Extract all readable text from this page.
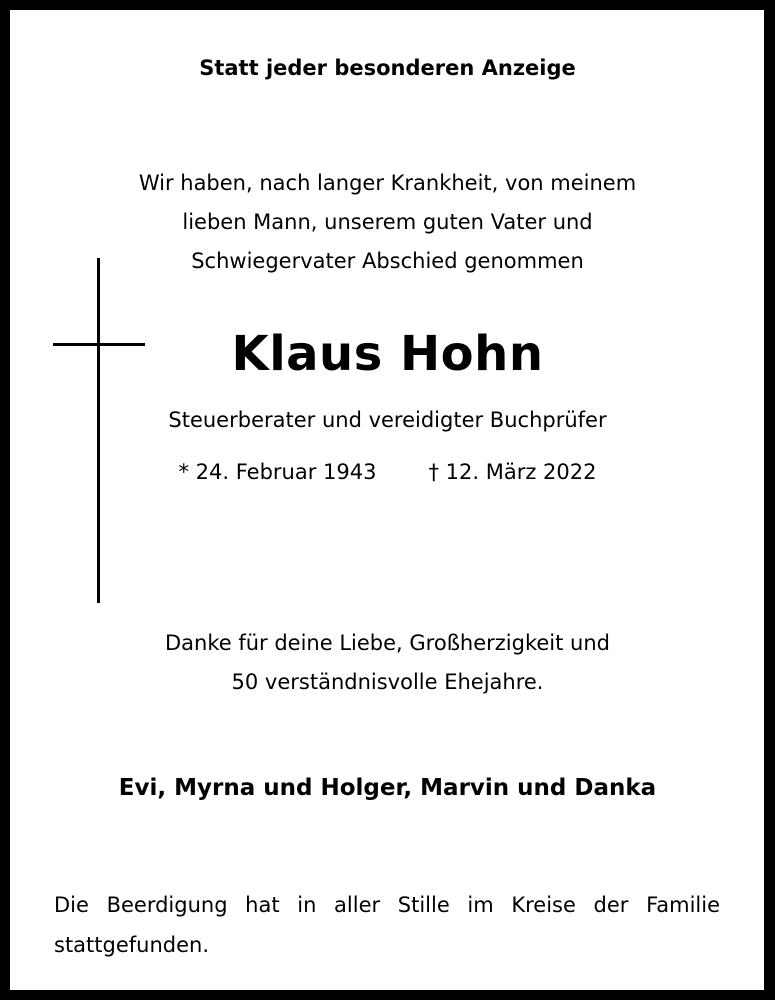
Statt jeder besonderen Anzeige
Wir haben, nach langer Krankheit, von meinem
lieben Mann, unserem guten Vater und
Schwiegervater Abschied genommen
Klaus Hohn
Steuerberater und vereidigter Buchprüfer
* 24. Februar 1943 † 12. März 2022
Danke für deine Liebe, Großherzigkeit und
50 verständnisvolle Ehejahre.
Evi, Myrna und Holger, Marvin und Danka
Die Beerdigung hat in aller Stille im Kreise der Familie stattgefunden.
